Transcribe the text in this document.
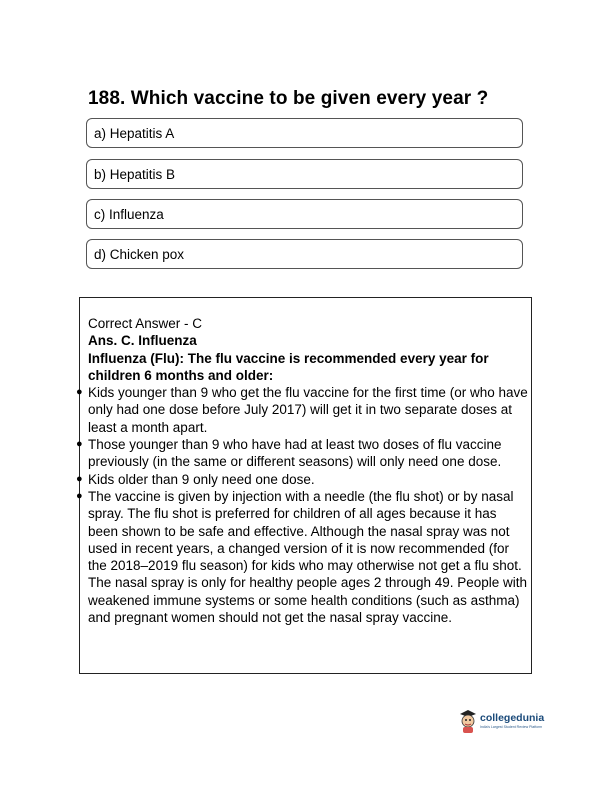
188. Which vaccine to be given every year ?
a) Hepatitis A
b) Hepatitis B
c) Influenza
d) Chicken pox
Correct Answer - C
Ans. C. Influenza
Influenza (Flu): The flu vaccine is recommended every year for children 6 months and older:
● Kids younger than 9 who get the flu vaccine for the first time (or who have only had one dose before July 2017) will get it in two separate doses at least a month apart.
● Those younger than 9 who have had at least two doses of flu vaccine previously (in the same or different seasons) will only need one dose.
● Kids older than 9 only need one dose.
● The vaccine is given by injection with a needle (the flu shot) or by nasal spray. The flu shot is preferred for children of all ages because it has been shown to be safe and effective. Although the nasal spray was not used in recent years, a changed version of it is now recommended (for the 2018–2019 flu season) for kids who may otherwise not get a flu shot. The nasal spray is only for healthy people ages 2 through 49. People with weakened immune systems or some health conditions (such as asthma) and pregnant women should not get the nasal spray vaccine.
collegedunia
India's Largest Student Review Platform
